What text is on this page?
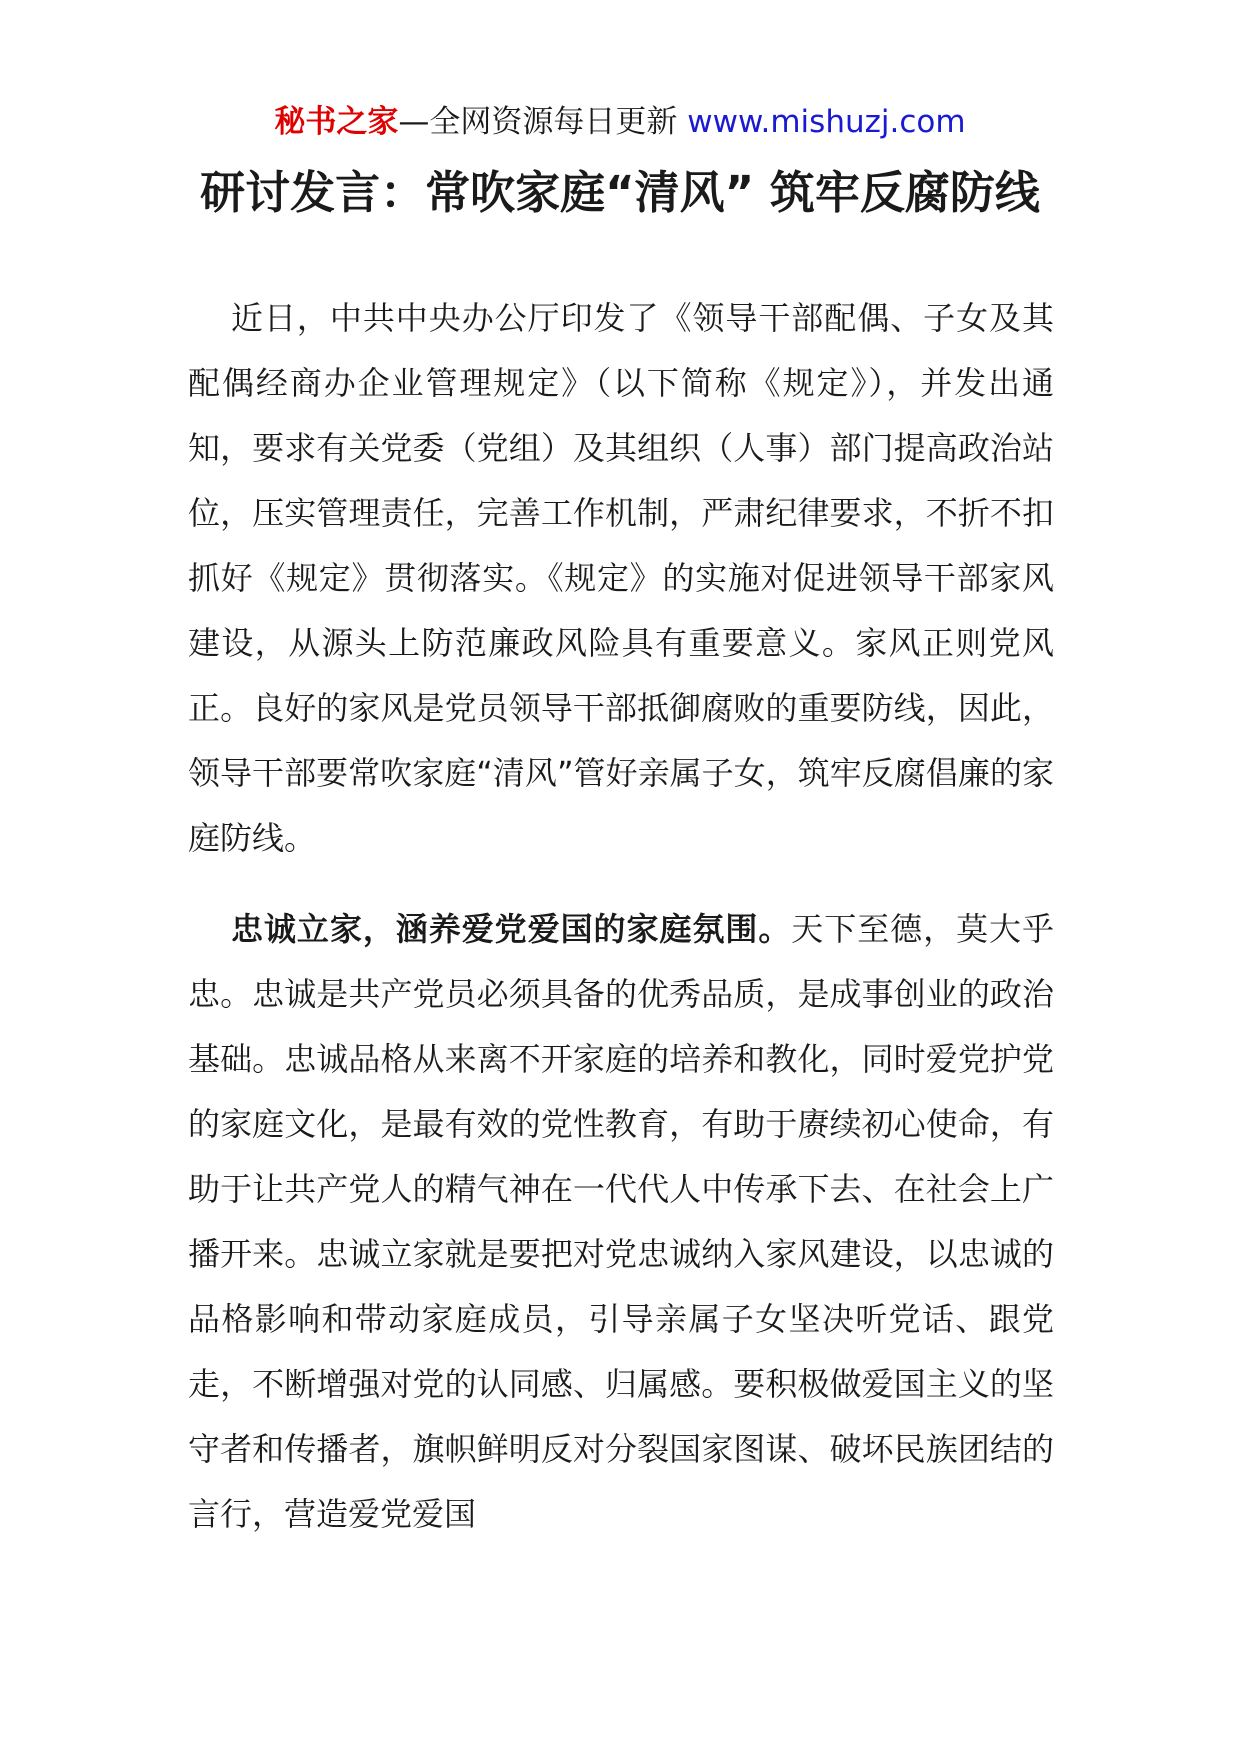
秘书之家—全网资源每日更新 www.mishuzj.com
研讨发言：常吹家庭“清风” 筑牢反腐防线

近日，中共中央办公厅印发了《领导干部配偶、子女及其配偶经商办企业管理规定》（以下简称《规定》），并发出通知，要求有关党委（党组）及其组织（人事）部门提高政治站位，压实管理责任，完善工作机制，严肃纪律要求，不折不扣抓好《规定》贯彻落实。《规定》的实施对促进领导干部家风建设，从源头上防范廉政风险具有重要意义。家风正则党风正。良好的家风是党员领导干部抵御腐败的重要防线，因此，领导干部要常吹家庭“清风”管好亲属子女，筑牢反腐倡廉的家庭防线。

忠诚立家，涵养爱党爱国的家庭氛围。天下至德，莫大乎忠。忠诚是共产党员必须具备的优秀品质，是成事创业的政治基础。忠诚品格从来离不开家庭的培养和教化，同时爱党护党的家庭文化，是最有效的党性教育，有助于赓续初心使命，有助于让共产党人的精气神在一代代人中传承下去、在社会上广播开来。忠诚立家就是要把对党忠诚纳入家风建设，以忠诚的品格影响和带动家庭成员，引导亲属子女坚决听党话、跟党走，不断增强对党的认同感、归属感。要积极做爱国主义的坚守者和传播者，旗帜鲜明反对分裂国家图谋、破坏民族团结的言行，营造爱党爱国
